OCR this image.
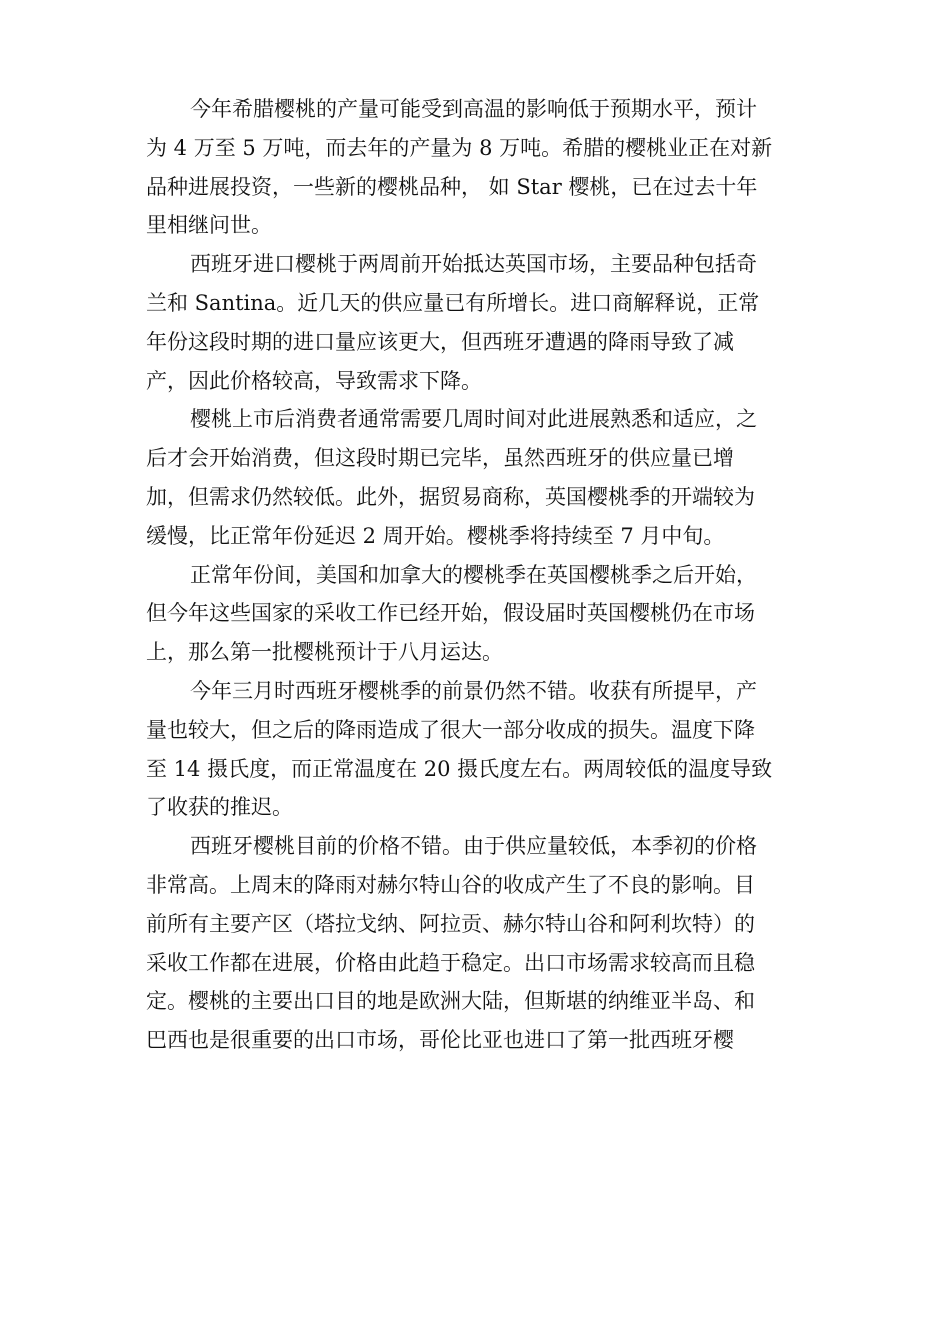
今年希腊樱桃的产量可能受到高温的影响低于预期水平，预计
为 4 万至 5 万吨，而去年的产量为 8 万吨。希腊的樱桃业正在对新
品种进展投资，一些新的樱桃品种， 如 Star 樱桃，已在过去十年
里相继问世。
西班牙进口樱桃于两周前开始抵达英国市场，主要品种包括奇
兰和 Santina。近几天的供应量已有所增长。进口商解释说，正常
年份这段时期的进口量应该更大，但西班牙遭遇的降雨导致了减
产，因此价格较高，导致需求下降。
樱桃上市后消费者通常需要几周时间对此进展熟悉和适应，之
后才会开始消费，但这段时期已完毕，虽然西班牙的供应量已增
加，但需求仍然较低。此外，据贸易商称，英国樱桃季的开端较为
缓慢，比正常年份延迟 2 周开始。樱桃季将持续至 7 月中旬。
正常年份间，美国和加拿大的樱桃季在英国樱桃季之后开始，
但今年这些国家的采收工作已经开始，假设届时英国樱桃仍在市场
上，那么第一批樱桃预计于八月运达。
今年三月时西班牙樱桃季的前景仍然不错。收获有所提早，产
量也较大，但之后的降雨造成了很大一部分收成的损失。温度下降
至 14 摄氏度，而正常温度在 20 摄氏度左右。两周较低的温度导致
了收获的推迟。
西班牙樱桃目前的价格不错。由于供应量较低，本季初的价格
非常高。上周末的降雨对赫尔特山谷的收成产生了不良的影响。目
前所有主要产区（塔拉戈纳、阿拉贡、赫尔特山谷和阿利坎特）的
采收工作都在进展，价格由此趋于稳定。出口市场需求较高而且稳
定。樱桃的主要出口目的地是欧洲大陆，但斯堪的纳维亚半岛、和
巴西也是很重要的出口市场，哥伦比亚也进口了第一批西班牙樱
